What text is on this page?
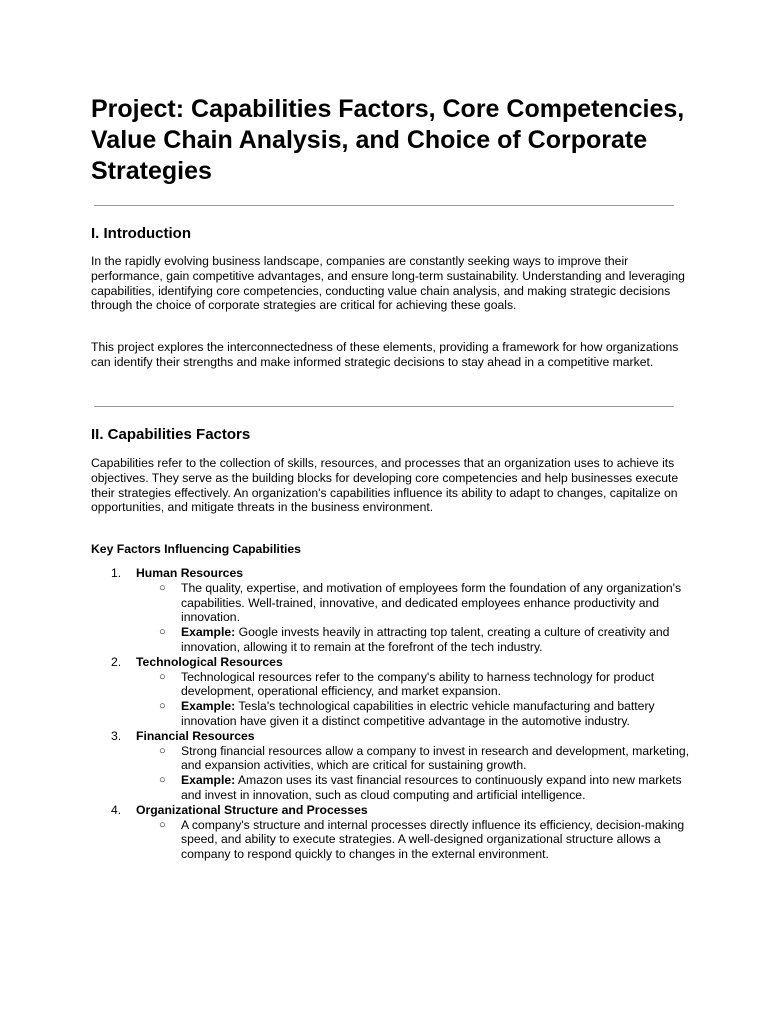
Project: Capabilities Factors, Core Competencies, Value Chain Analysis, and Choice of Corporate Strategies
I. Introduction

In the rapidly evolving business landscape, companies are constantly seeking ways to improve their performance, gain competitive advantages, and ensure long-term sustainability. Understanding and leveraging capabilities, identifying core competencies, conducting value chain analysis, and making strategic decisions through the choice of corporate strategies are critical for achieving these goals.

This project explores the interconnectedness of these elements, providing a framework for how organizations can identify their strengths and make informed strategic decisions to stay ahead in a competitive market.

II. Capabilities Factors

Capabilities refer to the collection of skills, resources, and processes that an organization uses to achieve its objectives. They serve as the building blocks for developing core competencies and help businesses execute their strategies effectively. An organization's capabilities influence its ability to adapt to changes, capitalize on opportunities, and mitigate threats in the business environment.

Key Factors Influencing Capabilities

1. Human Resources
○ The quality, expertise, and motivation of employees form the foundation of any organization's capabilities. Well-trained, innovative, and dedicated employees enhance productivity and innovation.
○ Example: Google invests heavily in attracting top talent, creating a culture of creativity and innovation, allowing it to remain at the forefront of the tech industry.
2. Technological Resources
○ Technological resources refer to the company's ability to harness technology for product development, operational efficiency, and market expansion.
○ Example: Tesla's technological capabilities in electric vehicle manufacturing and battery innovation have given it a distinct competitive advantage in the automotive industry.
3. Financial Resources
○ Strong financial resources allow a company to invest in research and development, marketing, and expansion activities, which are critical for sustaining growth.
○ Example: Amazon uses its vast financial resources to continuously expand into new markets and invest in innovation, such as cloud computing and artificial intelligence.
4. Organizational Structure and Processes
○ A company's structure and internal processes directly influence its efficiency, decision-making speed, and ability to execute strategies. A well-designed organizational structure allows a company to respond quickly to changes in the external environment.
